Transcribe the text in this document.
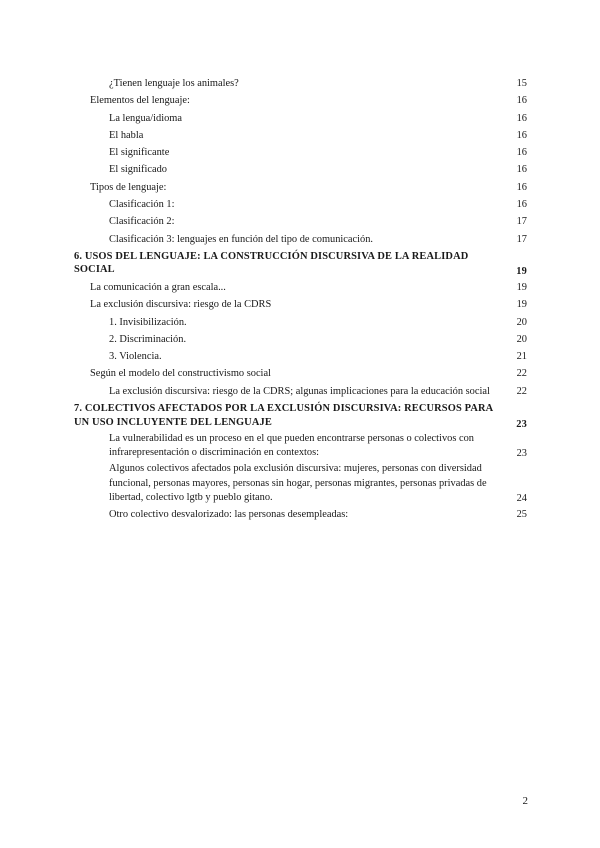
¿Tienen lenguaje los animales?	15
Elementos del lenguaje:	16
La lengua/idioma	16
El habla	16
El significante	16
El significado	16
Tipos de lenguaje:	16
Clasificación 1:	16
Clasificación 2:	17
Clasificación 3: lenguajes en función del tipo de comunicación.	17
6. USOS DEL LENGUAJE: LA CONSTRUCCIÓN DISCURSIVA DE LA REALIDAD SOCIAL	19
La comunicación a gran escala...	19
La exclusión discursiva: riesgo de la CDRS	19
1. Invisibilización.	20
2. Discriminación.	20
3. Violencia.	21
Según el modelo del constructivismo social	22
La exclusión discursiva: riesgo de la CDRS; algunas implicaciones para la educación social	22
7. COLECTIVOS AFECTADOS POR LA EXCLUSIÓN DISCURSIVA: RECURSOS PARA UN USO INCLUYENTE DEL LENGUAJE	23
La vulnerabilidad es un proceso en el que pueden encontrarse personas o colectivos con infrarepresentación o discriminación en contextos:	23
Algunos colectivos afectados pola exclusión discursiva: mujeres, personas con diversidad funcional, personas mayores, personas sin hogar, personas migrantes, personas privadas de libertad, colectivo lgtb y pueblo gitano.	24
Otro colectivo desvalorizado: las personas desempleadas:	25
2
